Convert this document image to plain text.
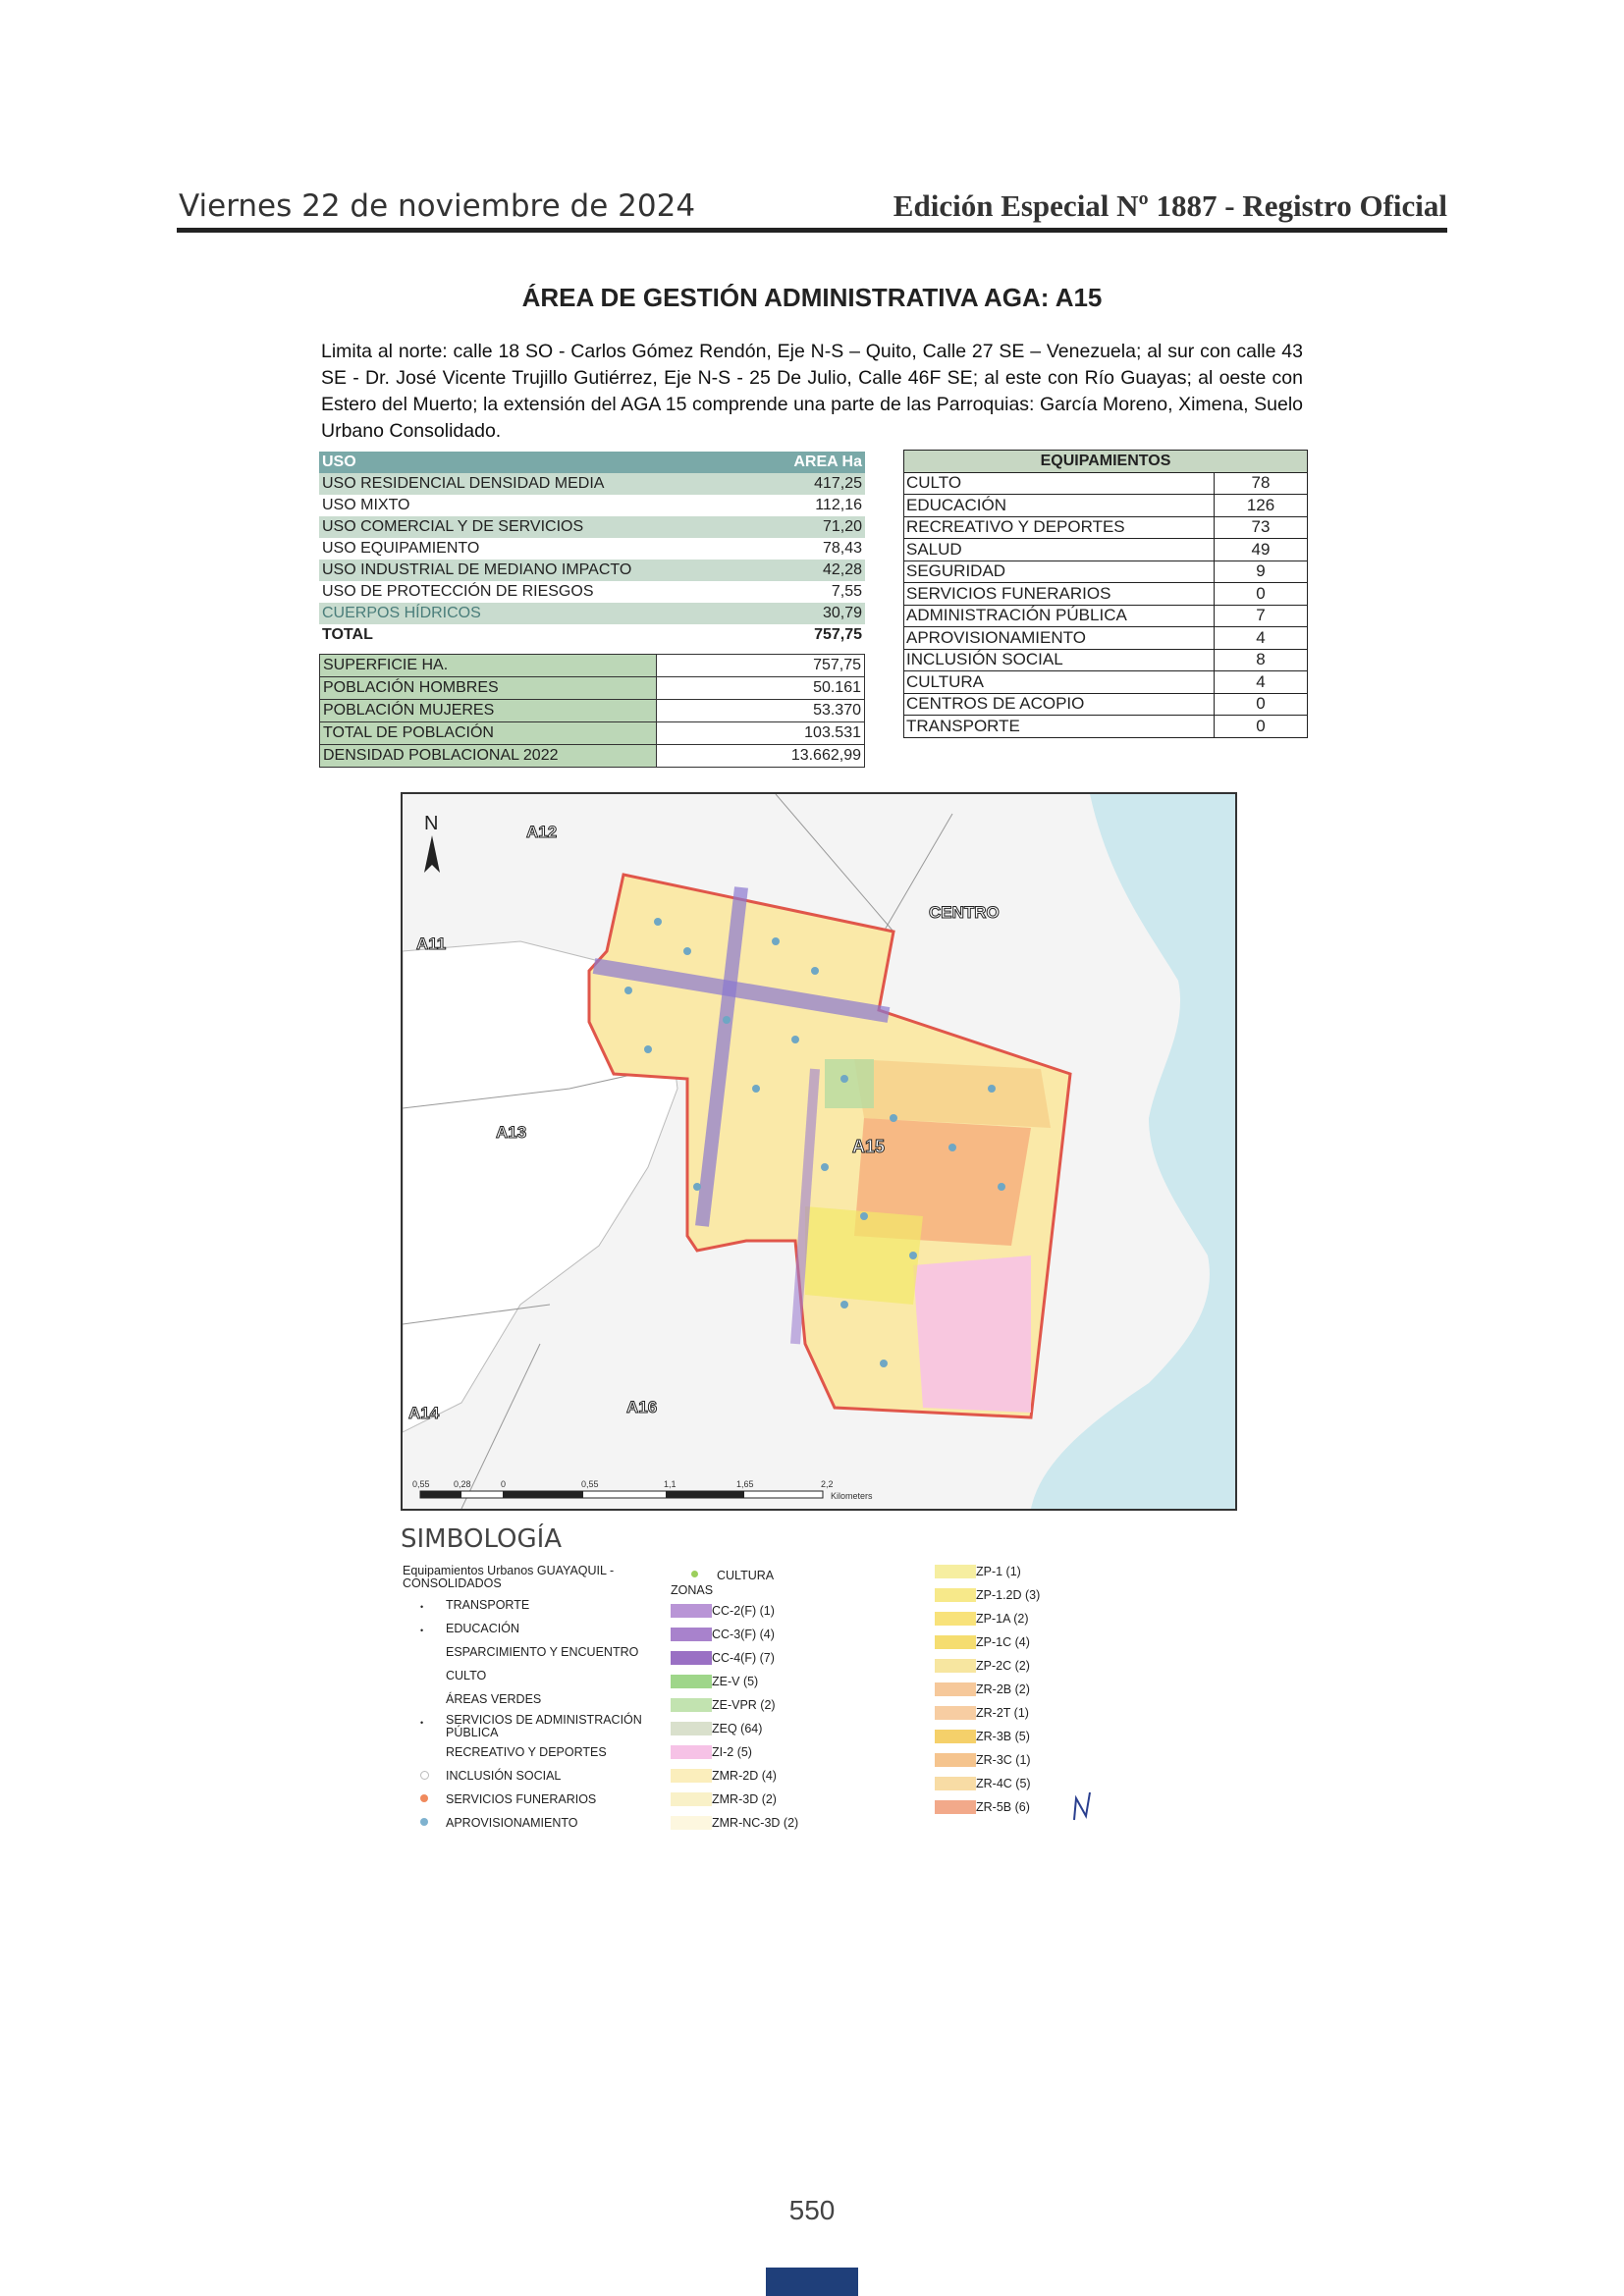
Viernes 22 de noviembre de 2024	Edición Especial Nº 1887 - Registro Oficial
ÁREA DE GESTIÓN ADMINISTRATIVA AGA: A15
Limita al norte: calle 18 SO - Carlos Gómez Rendón, Eje N-S – Quito, Calle 27 SE – Venezuela; al sur con calle 43 SE - Dr. José Vicente Trujillo Gutiérrez, Eje N-S - 25 De Julio, Calle 46F SE; al este con Río Guayas; al oeste con Estero del Muerto; la extensión del AGA 15 comprende una parte de las Parroquias: García Moreno, Ximena, Suelo Urbano Consolidado.
USO	AREA Ha
USO RESIDENCIAL DENSIDAD MEDIA	417,25
USO MIXTO	112,16
USO COMERCIAL Y DE SERVICIOS	71,20
USO EQUIPAMIENTO	78,43
USO INDUSTRIAL DE MEDIANO IMPACTO	42,28
USO DE PROTECCIÓN DE RIESGOS	7,55
CUERPOS HÍDRICOS	30,79
TOTAL	757,75
SUPERFICIE HA.	757,75
POBLACIÓN HOMBRES	50.161
POBLACIÓN MUJERES	53.370
TOTAL DE POBLACIÓN	103.531
DENSIDAD POBLACIONAL 2022	13.662,99
EQUIPAMIENTOS	
CULTO	78
EDUCACIÓN	126
RECREATIVO Y DEPORTES	73
SALUD	49
SEGURIDAD	9
SERVICIOS FUNERARIOS	0
ADMINISTRACIÓN PÚBLICA	7
APROVISIONAMIENTO	4
INCLUSIÓN SOCIAL	8
CULTURA	4
CENTROS DE ACOPIO	0
TRANSPORTE	0
N	A12
A11
A13
A14	A16
A15
CENTRO
0,55	0,28	0	0,55	1,1	1,65	2,2
Kilometers
SIMBOLOGÍA
Equipamientos Urbanos GUAYAQUIL - CONSOLIDADOS
• TRANSPORTE
• EDUCACIÓN
ESPARCIMIENTO Y ENCUENTRO
CULTO
ÁREAS VERDES
• SERVICIOS DE ADMINISTRACIÓN PÚBLICA
RECREATIVO Y DEPORTES
INCLUSIÓN SOCIAL
SERVICIOS FUNERARIOS
APROVISIONAMIENTO
CULTURA
ZONAS
CC-2(F) (1)
CC-3(F) (4)
CC-4(F) (7)
ZE-V (5)
ZE-VPR (2)
ZEQ (64)
ZI-2 (5)
ZMR-2D (4)
ZMR-3D (2)
ZMR-NC-3D (2)
ZP-1 (1)
ZP-1.2D (3)
ZP-1A (2)
ZP-1C (4)
ZP-2C (2)
ZR-2B (2)
ZR-2T (1)
ZR-3B (5)
ZR-3C (1)
ZR-4C (5)
ZR-5B (6)
550
